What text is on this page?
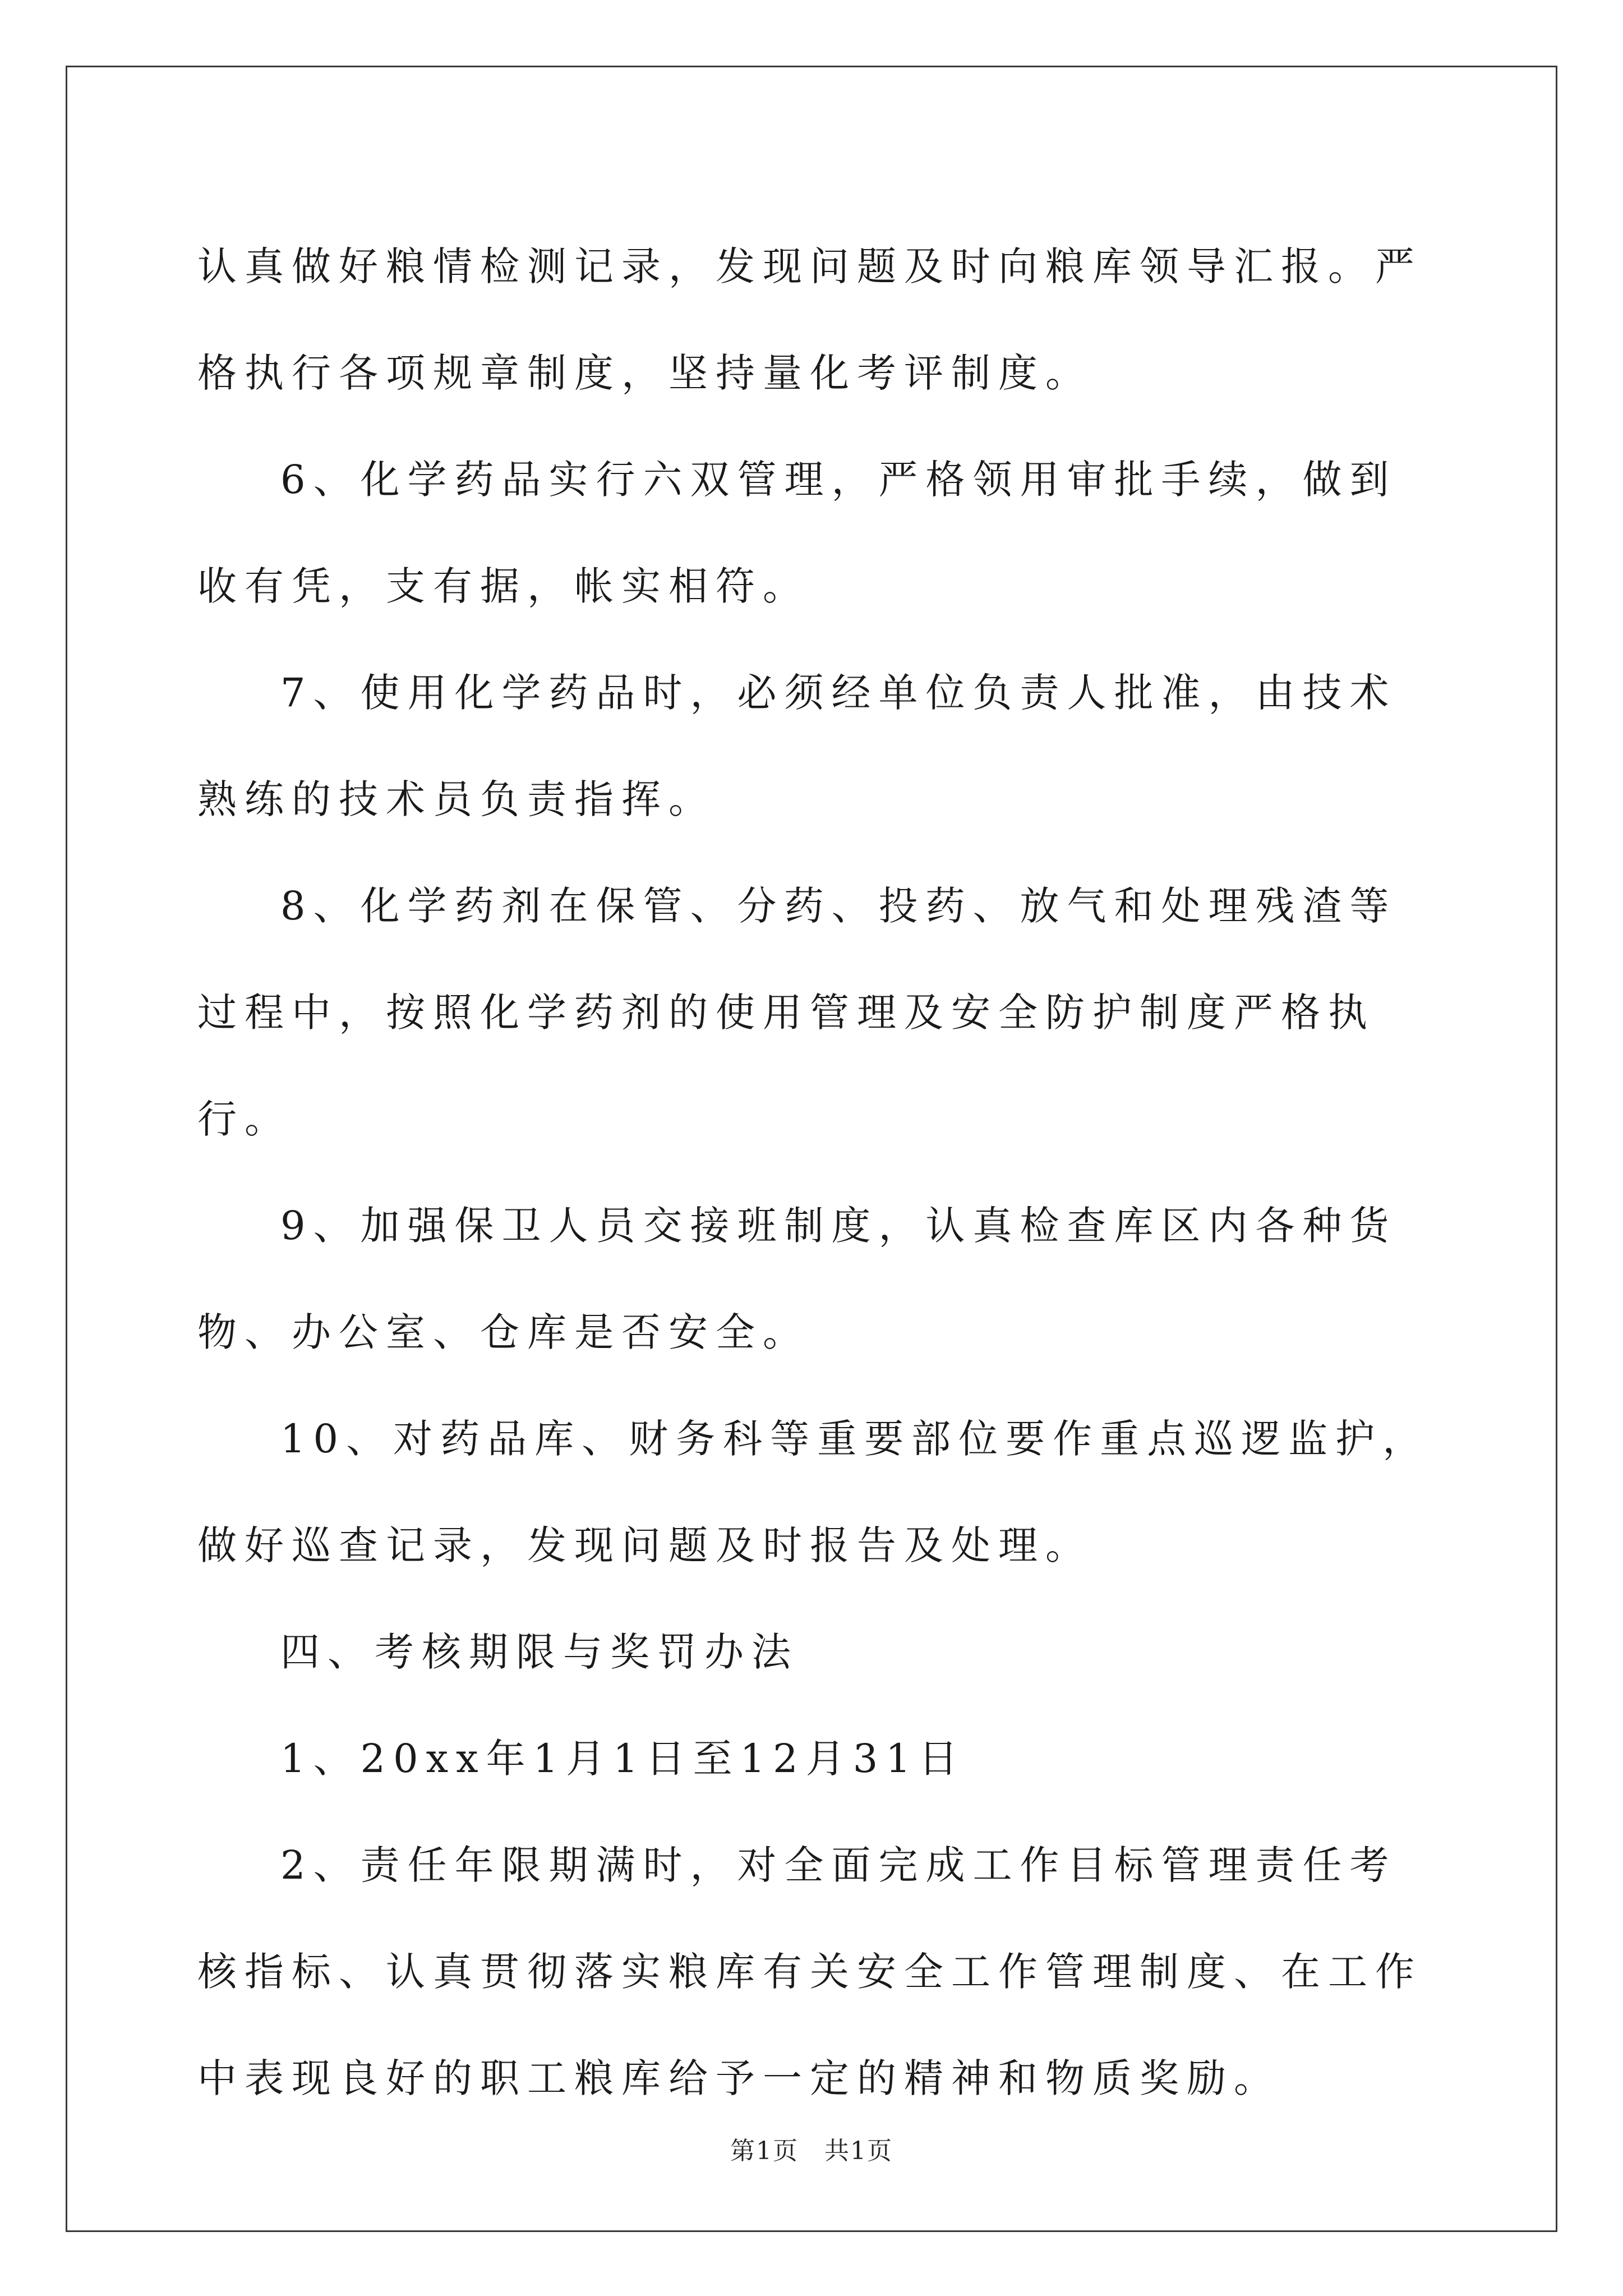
认真做好粮情检测记录，发现问题及时向粮库领导汇报。严格执行各项规章制度，坚持量化考评制度。

6、化学药品实行六双管理，严格领用审批手续，做到收有凭，支有据，帐实相符。

7、使用化学药品时，必须经单位负责人批准，由技术熟练的技术员负责指挥。

8、化学药剂在保管、分药、投药、放气和处理残渣等过程中，按照化学药剂的使用管理及安全防护制度严格执行。

9、加强保卫人员交接班制度，认真检查库区内各种货物、办公室、仓库是否安全。

10、对药品库、财务科等重要部位要作重点巡逻监护，做好巡查记录，发现问题及时报告及处理。

四、考核期限与奖罚办法

1、20xx年1月1日至12月31日

2、责任年限期满时，对全面完成工作目标管理责任考核指标、认真贯彻落实粮库有关安全工作管理制度、在工作中表现良好的职工粮库给予一定的精神和物质奖励。

第1页　共1页
